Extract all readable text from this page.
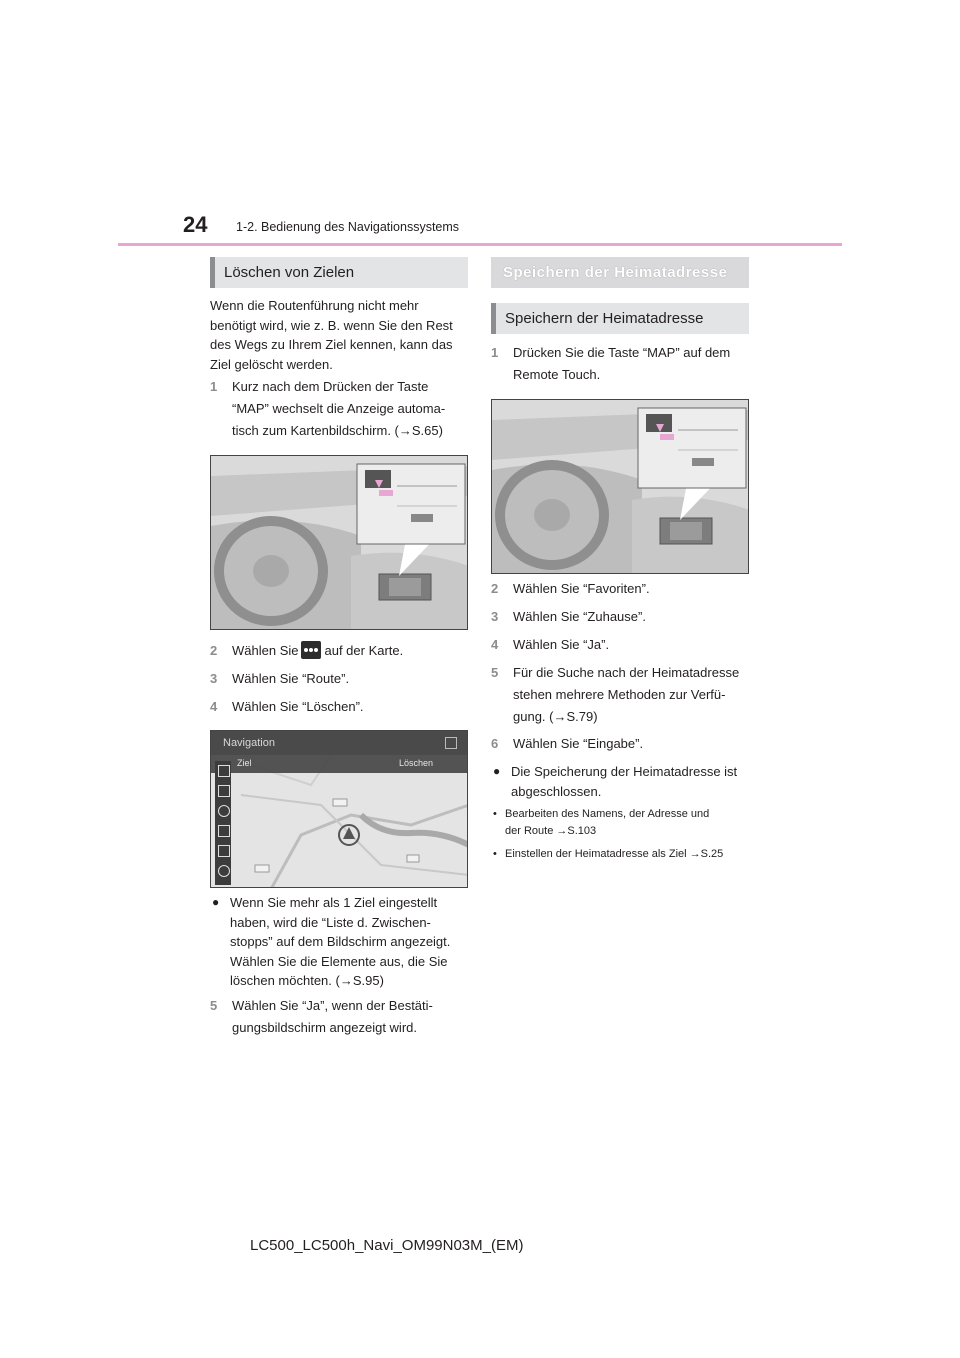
24 1-2. Bedienung des Navigationssystems
Löschen von Zielen
Wenn die Routenführung nicht mehr
benötigt wird, wie z. B. wenn Sie den Rest
des Wegs zu Ihrem Ziel kennen, kann das
Ziel gelöscht werden.
1 Kurz nach dem Drücken der Taste
“MAP” wechselt die Anzeige automa-
tisch zum Kartenbildschirm. (→S.65)
2 Wählen Sie auf der Karte.
3 Wählen Sie “Route”.
4 Wählen Sie “Löschen”.
Navigation
Ziel	Löschen
● Wenn Sie mehr als 1 Ziel eingestellt
haben, wird die “Liste d. Zwischen-
stopps” auf dem Bildschirm angezeigt.
Wählen Sie die Elemente aus, die Sie
löschen möchten. (→S.95)
5 Wählen Sie “Ja”, wenn der Bestäti-
gungsbildschirm angezeigt wird.
Speichern der Heimatadresse
Speichern der Heimatadresse
1 Drücken Sie die Taste “MAP” auf dem
Remote Touch.
2 Wählen Sie “Favoriten”.
3 Wählen Sie “Zuhause”.
4 Wählen Sie “Ja”.
5 Für die Suche nach der Heimatadresse
stehen mehrere Methoden zur Verfü-
gung. (→S.79)
6 Wählen Sie “Eingabe”.
● Die Speicherung der Heimatadresse ist
abgeschlossen.
• Bearbeiten des Namens, der Adresse und
der Route →S.103
• Einstellen der Heimatadresse als Ziel →S.25
LC500_LC500h_Navi_OM99N03M_(EM)
